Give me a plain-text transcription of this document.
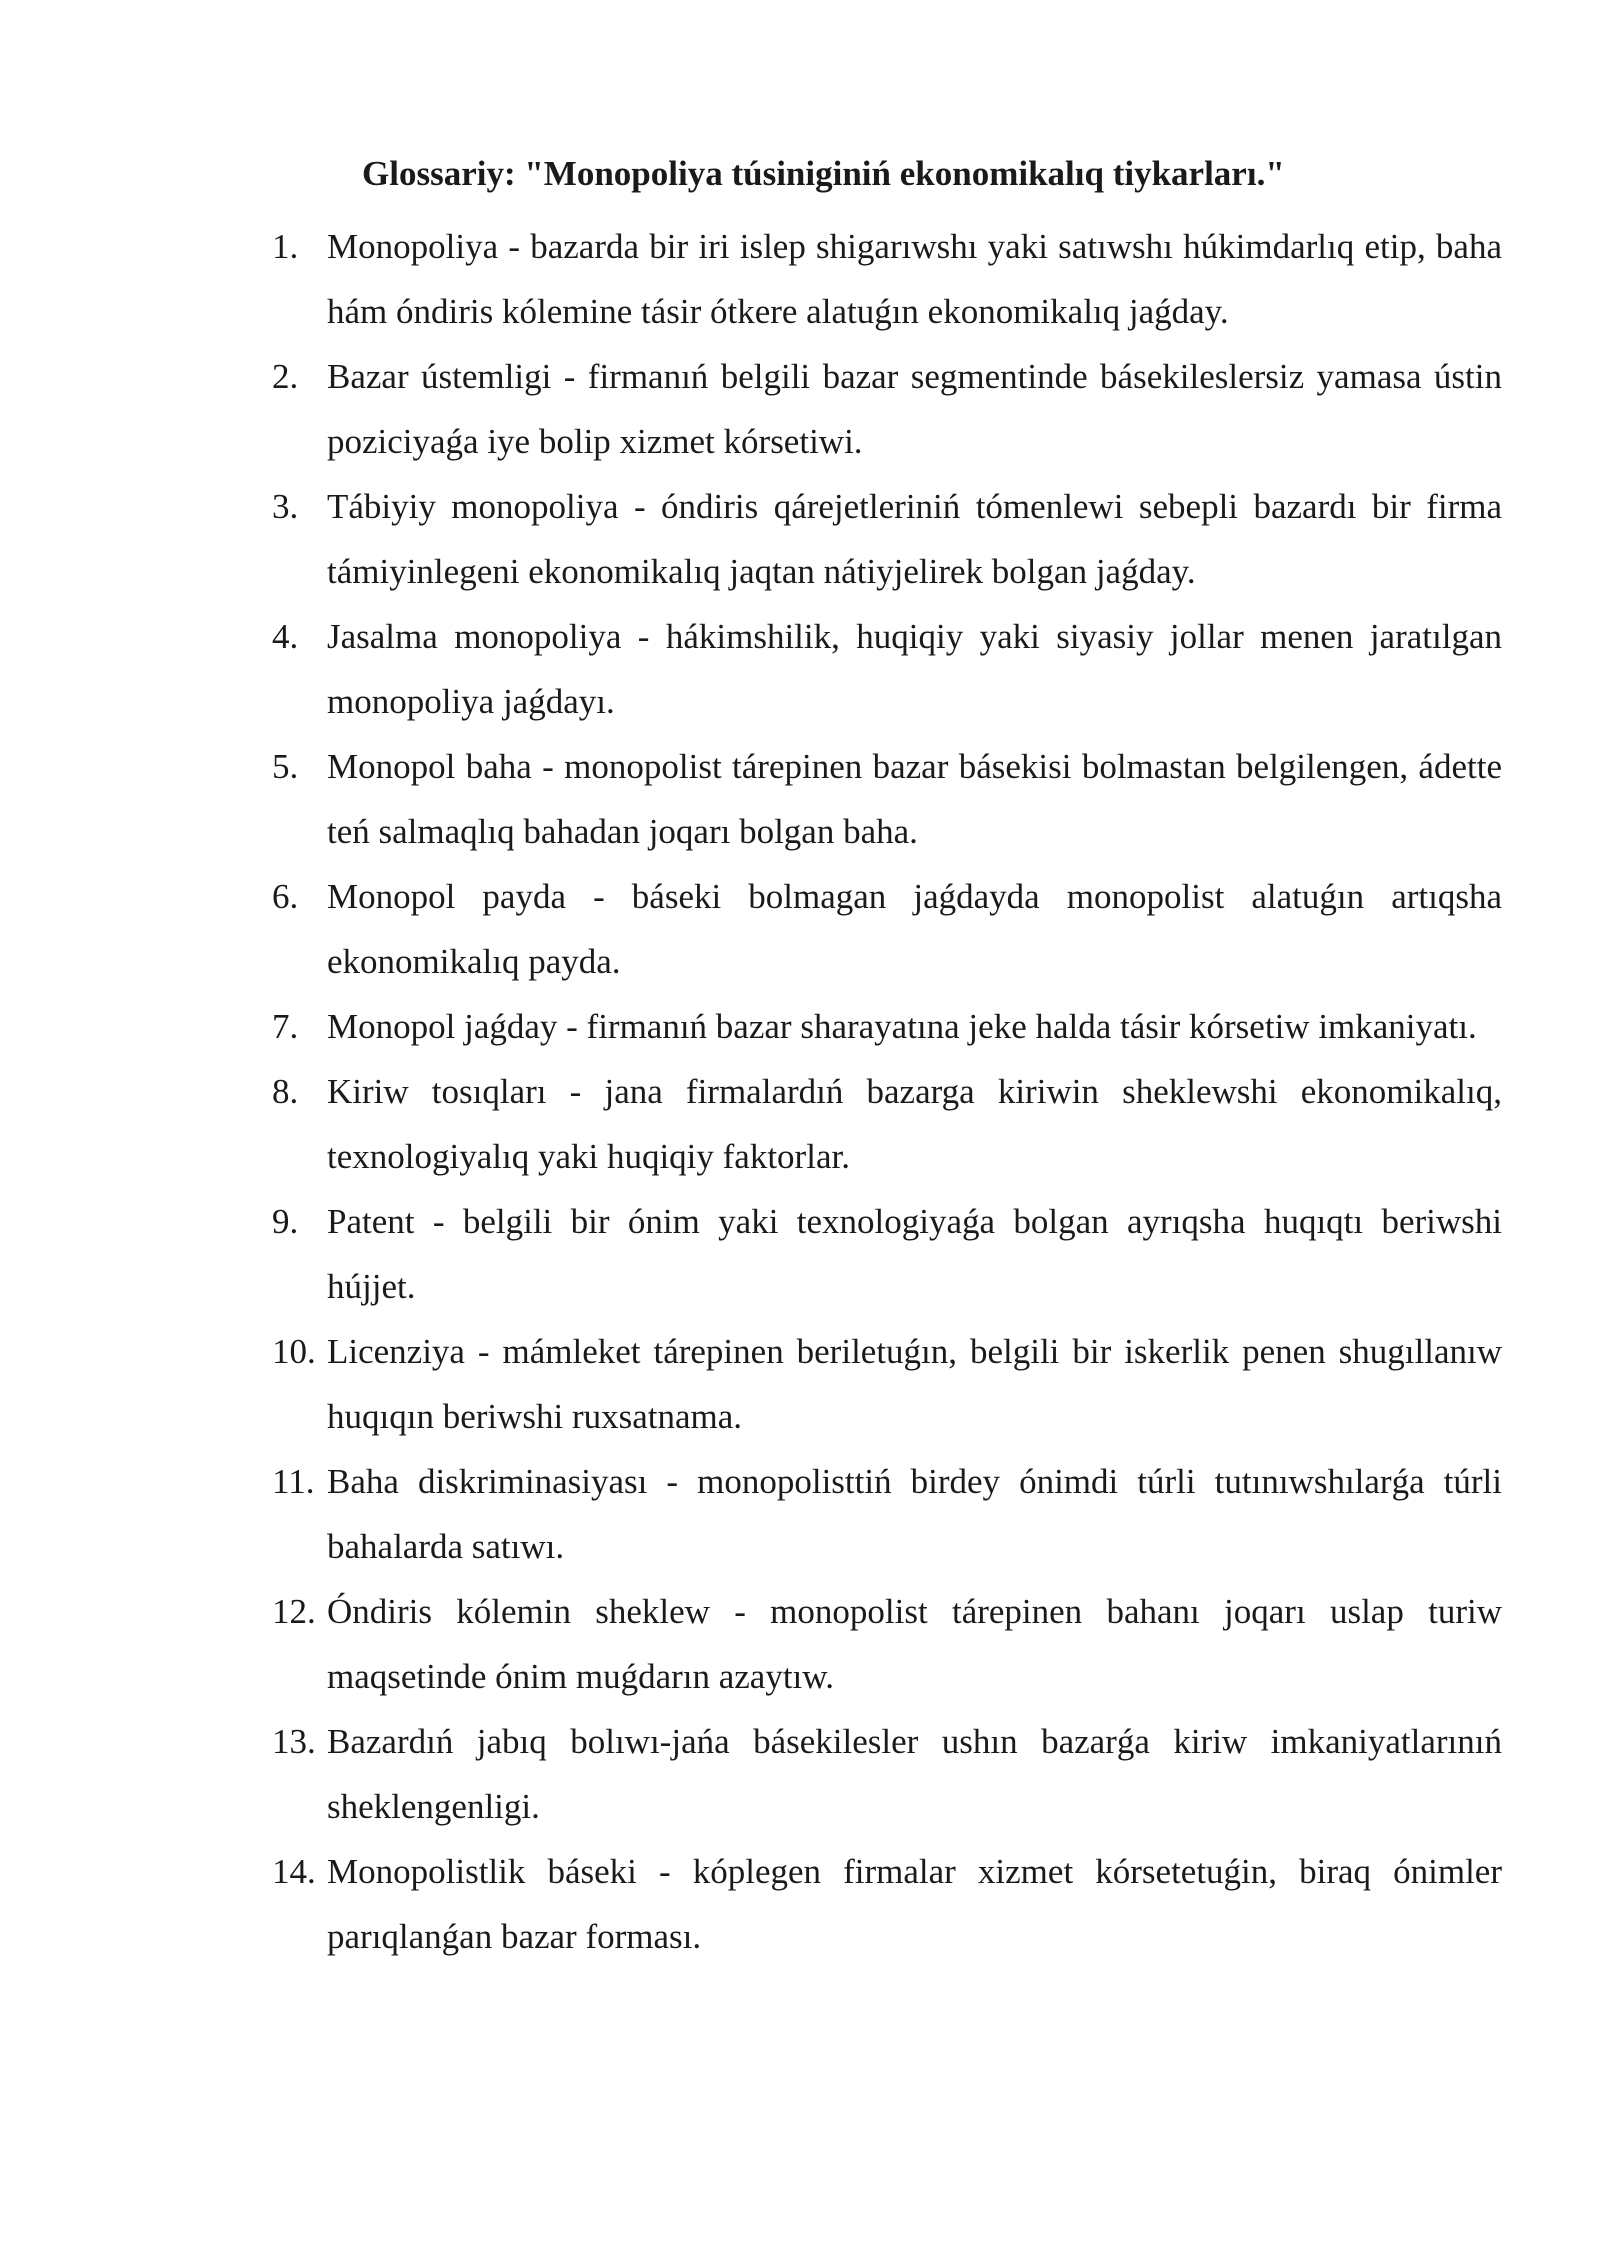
Glossariy: "Monopoliya túsiniginiń ekonomikalıq tiykarları."
1. Monopoliya - bazarda bir iri islep shigarıwshı yaki satıwshı húkimdarlıq etip, baha hám óndiris kólemine tásir ótkere alatuǵın ekonomikalıq jaǵday.
2. Bazar ústemligi - firmanıń belgili bazar segmentinde básekileslersiz yamasa ústin poziciyaǵa iye bolip xizmet kórsetiwi.
3. Tábiyiy monopoliya - óndiris qárejetleriniń tómenlewi sebepli bazardı bir firma támiyinlegeni ekonomikalıq jaqtan nátiyjelirek bolgan jaǵday.
4. Jasalma monopoliya - hákimshilik, huqiqiy yaki siyasiy jollar menen jaratılgan monopoliya jaǵdayı.
5. Monopol baha - monopolist tárepinen bazar básekisi bolmastan belgilengen, ádette teń salmaqlıq bahadan joqarı bolgan baha.
6. Monopol payda - báseki bolmagan jaǵdayda monopolist alatuǵın artıqsha ekonomikalıq payda.
7. Monopol jaǵday - firmanıń bazar sharayatına jeke halda tásir kórsetiw imkaniyatı.
8. Kiriw tosıqları - jana firmalardıń bazarga kiriwin sheklewshi ekonomikalıq, texnologiyalıq yaki huqiqiy faktorlar.
9. Patent - belgili bir ónim yaki texnologiyaǵa bolgan ayrıqsha huqıqtı beriwshi hújjet.
10. Licenziya - mámleket tárepinen beriletuǵın, belgili bir iskerlik penen shugıllanıw huqıqın beriwshi ruxsatnama.
11. Baha diskriminasiyası - monopolisttiń birdey ónimdi túrli tutınıwshılarǵa túrli bahalarda satıwı.
12. Óndiris kólemin sheklew - monopolist tárepinen bahanı joqarı uslap turiw maqsetinde ónim muǵdarın azaytıw.
13. Bazardıń jabıq bolıwı-jańa básekilesler ushın bazarǵa kiriw imkaniyatlarınıń sheklengenligi.
14. Monopolistlik báseki - kóplegen firmalar xizmet kórsetetuǵin, biraq ónimler parıqlanǵan bazar forması.
